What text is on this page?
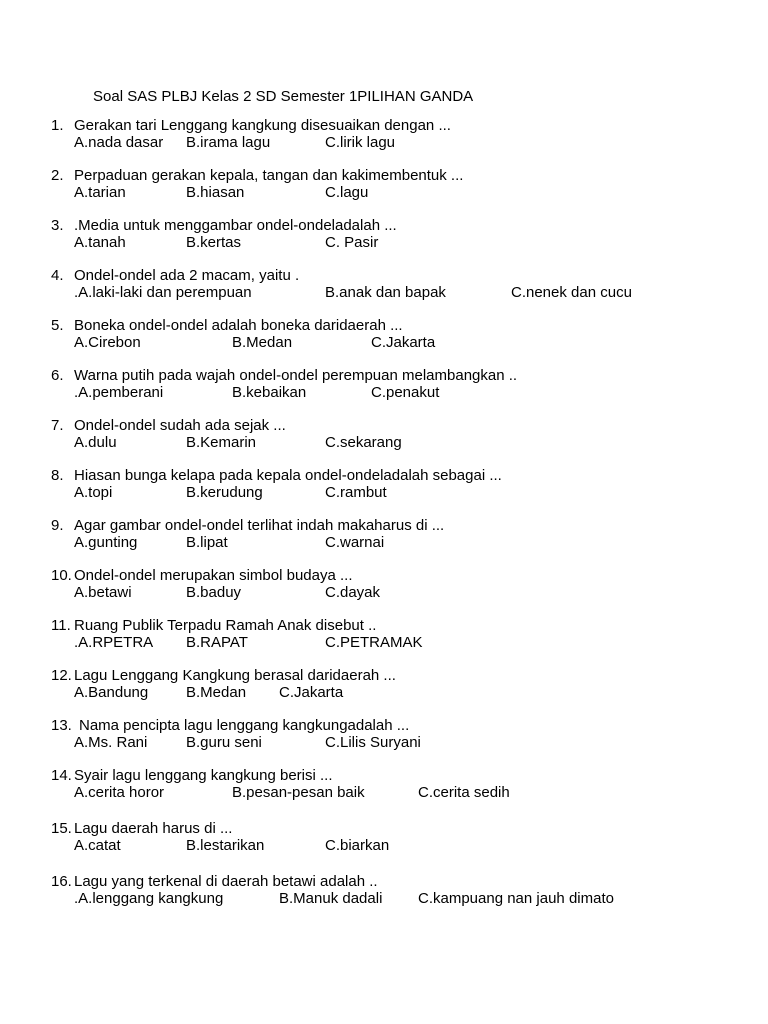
Soal SAS PLBJ Kelas 2 SD Semester 1PILIHAN GANDA
1. Gerakan tari Lenggang kangkung disesuaikan dengan ...
A.nada dasar B.irama lagu	C.lirik lagu
2. Perpaduan gerakan kepala, tangan dan kakimembentuk ...
A.tarian	B.hiasan	C.lagu
3. .Media untuk menggambar ondel-ondeladalah ...
A.tanah	B.kertas	C. Pasir
4. Ondel-ondel ada 2 macam, yaitu .
.A.laki-laki dan perempuan	B.anak dan bapak	C.nenek dan cucu
5. Boneka ondel-ondel adalah boneka daridaerah ...
A.Cirebon	B.Medan	C.Jakarta
6. Warna putih pada wajah ondel-ondel perempuan melambangkan ..
.A.pemberani	B.kebaikan	C.penakut
7. Ondel-ondel sudah ada sejak ...
A.dulu	B.Kemarin	C.sekarang
8. Hiasan bunga kelapa pada kepala ondel-ondeladalah sebagai ...
A.topi	B.kerudung	C.rambut
9. Agar gambar ondel-ondel terlihat indah makaharus di ...
A.gunting	B.lipat	C.warnai
10. Ondel-ondel merupakan simbol budaya ...
A.betawi	B.baduy	C.dayak
11. Ruang Publik Terpadu Ramah Anak disebut ..
.A.RPETRA B.RAPAT	C.PETRAMAK
12. Lagu Lenggang Kangkung berasal daridaerah ...
A.Bandung	B.Medan C.Jakarta
13. Nama pencipta lagu lenggang kangkungadalah ...
A.Ms. Rani	B.guru seni	C.Lilis Suryani
14. Syair lagu lenggang kangkung berisi ...
A.cerita horor	B.pesan-pesan baik	C.cerita sedih
15. Lagu daerah harus di ...
A.catat	B.lestarikan	C.biarkan
16. Lagu yang terkenal di daerah betawi adalah ..
.A.lenggang kangkung	B.Manuk dadali C.kampuang nan jauh dimato
